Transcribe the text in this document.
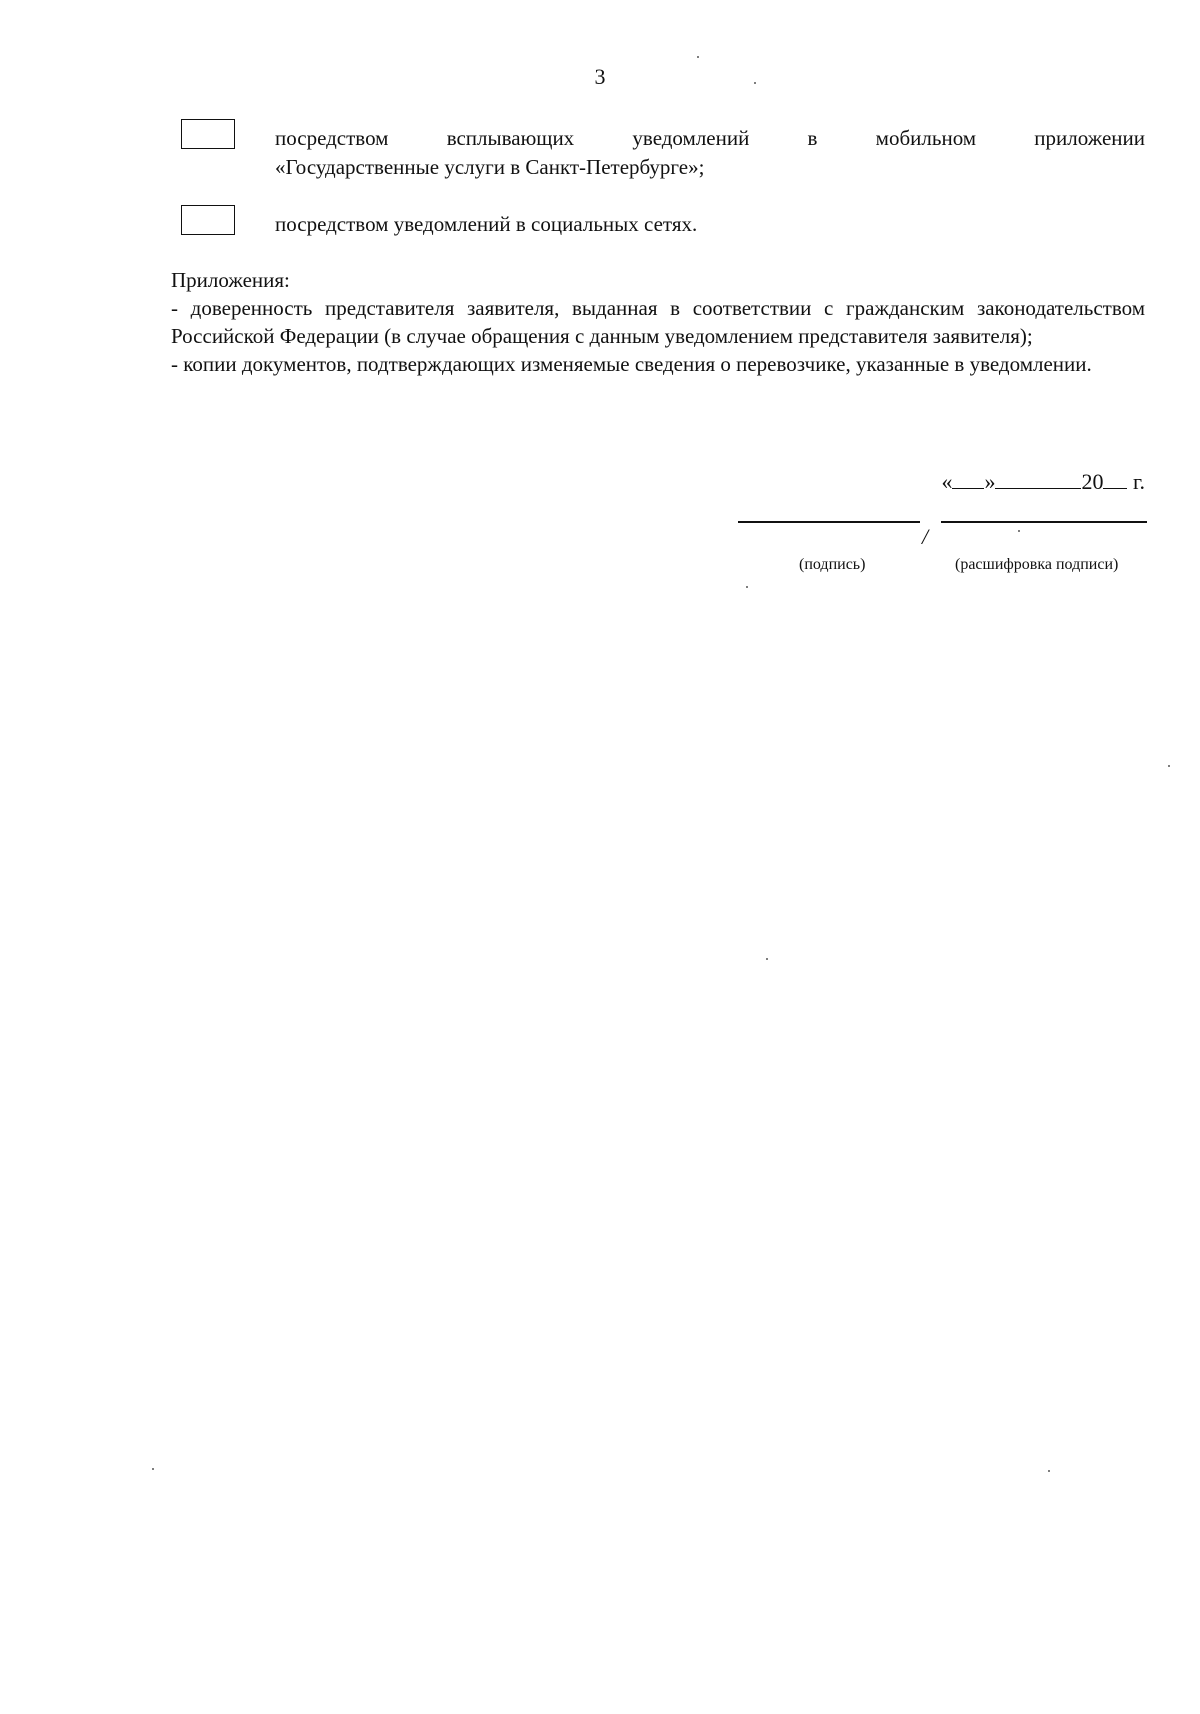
3
посредством всплывающих уведомлений в мобильном приложении
«Государственные услуги в Санкт-Петербурге»;
посредством уведомлений в социальных сетях.
Приложения:
- доверенность представителя заявителя, выданная в соответствии с гражданским законодательством Российской Федерации (в случае обращения с данным уведомлением представителя заявителя);
- копии документов, подтверждающих изменяемые сведения о перевозчике, указанные в уведомлении.
« »	20 г.
/
(подпись)	(расшифровка подписи)
